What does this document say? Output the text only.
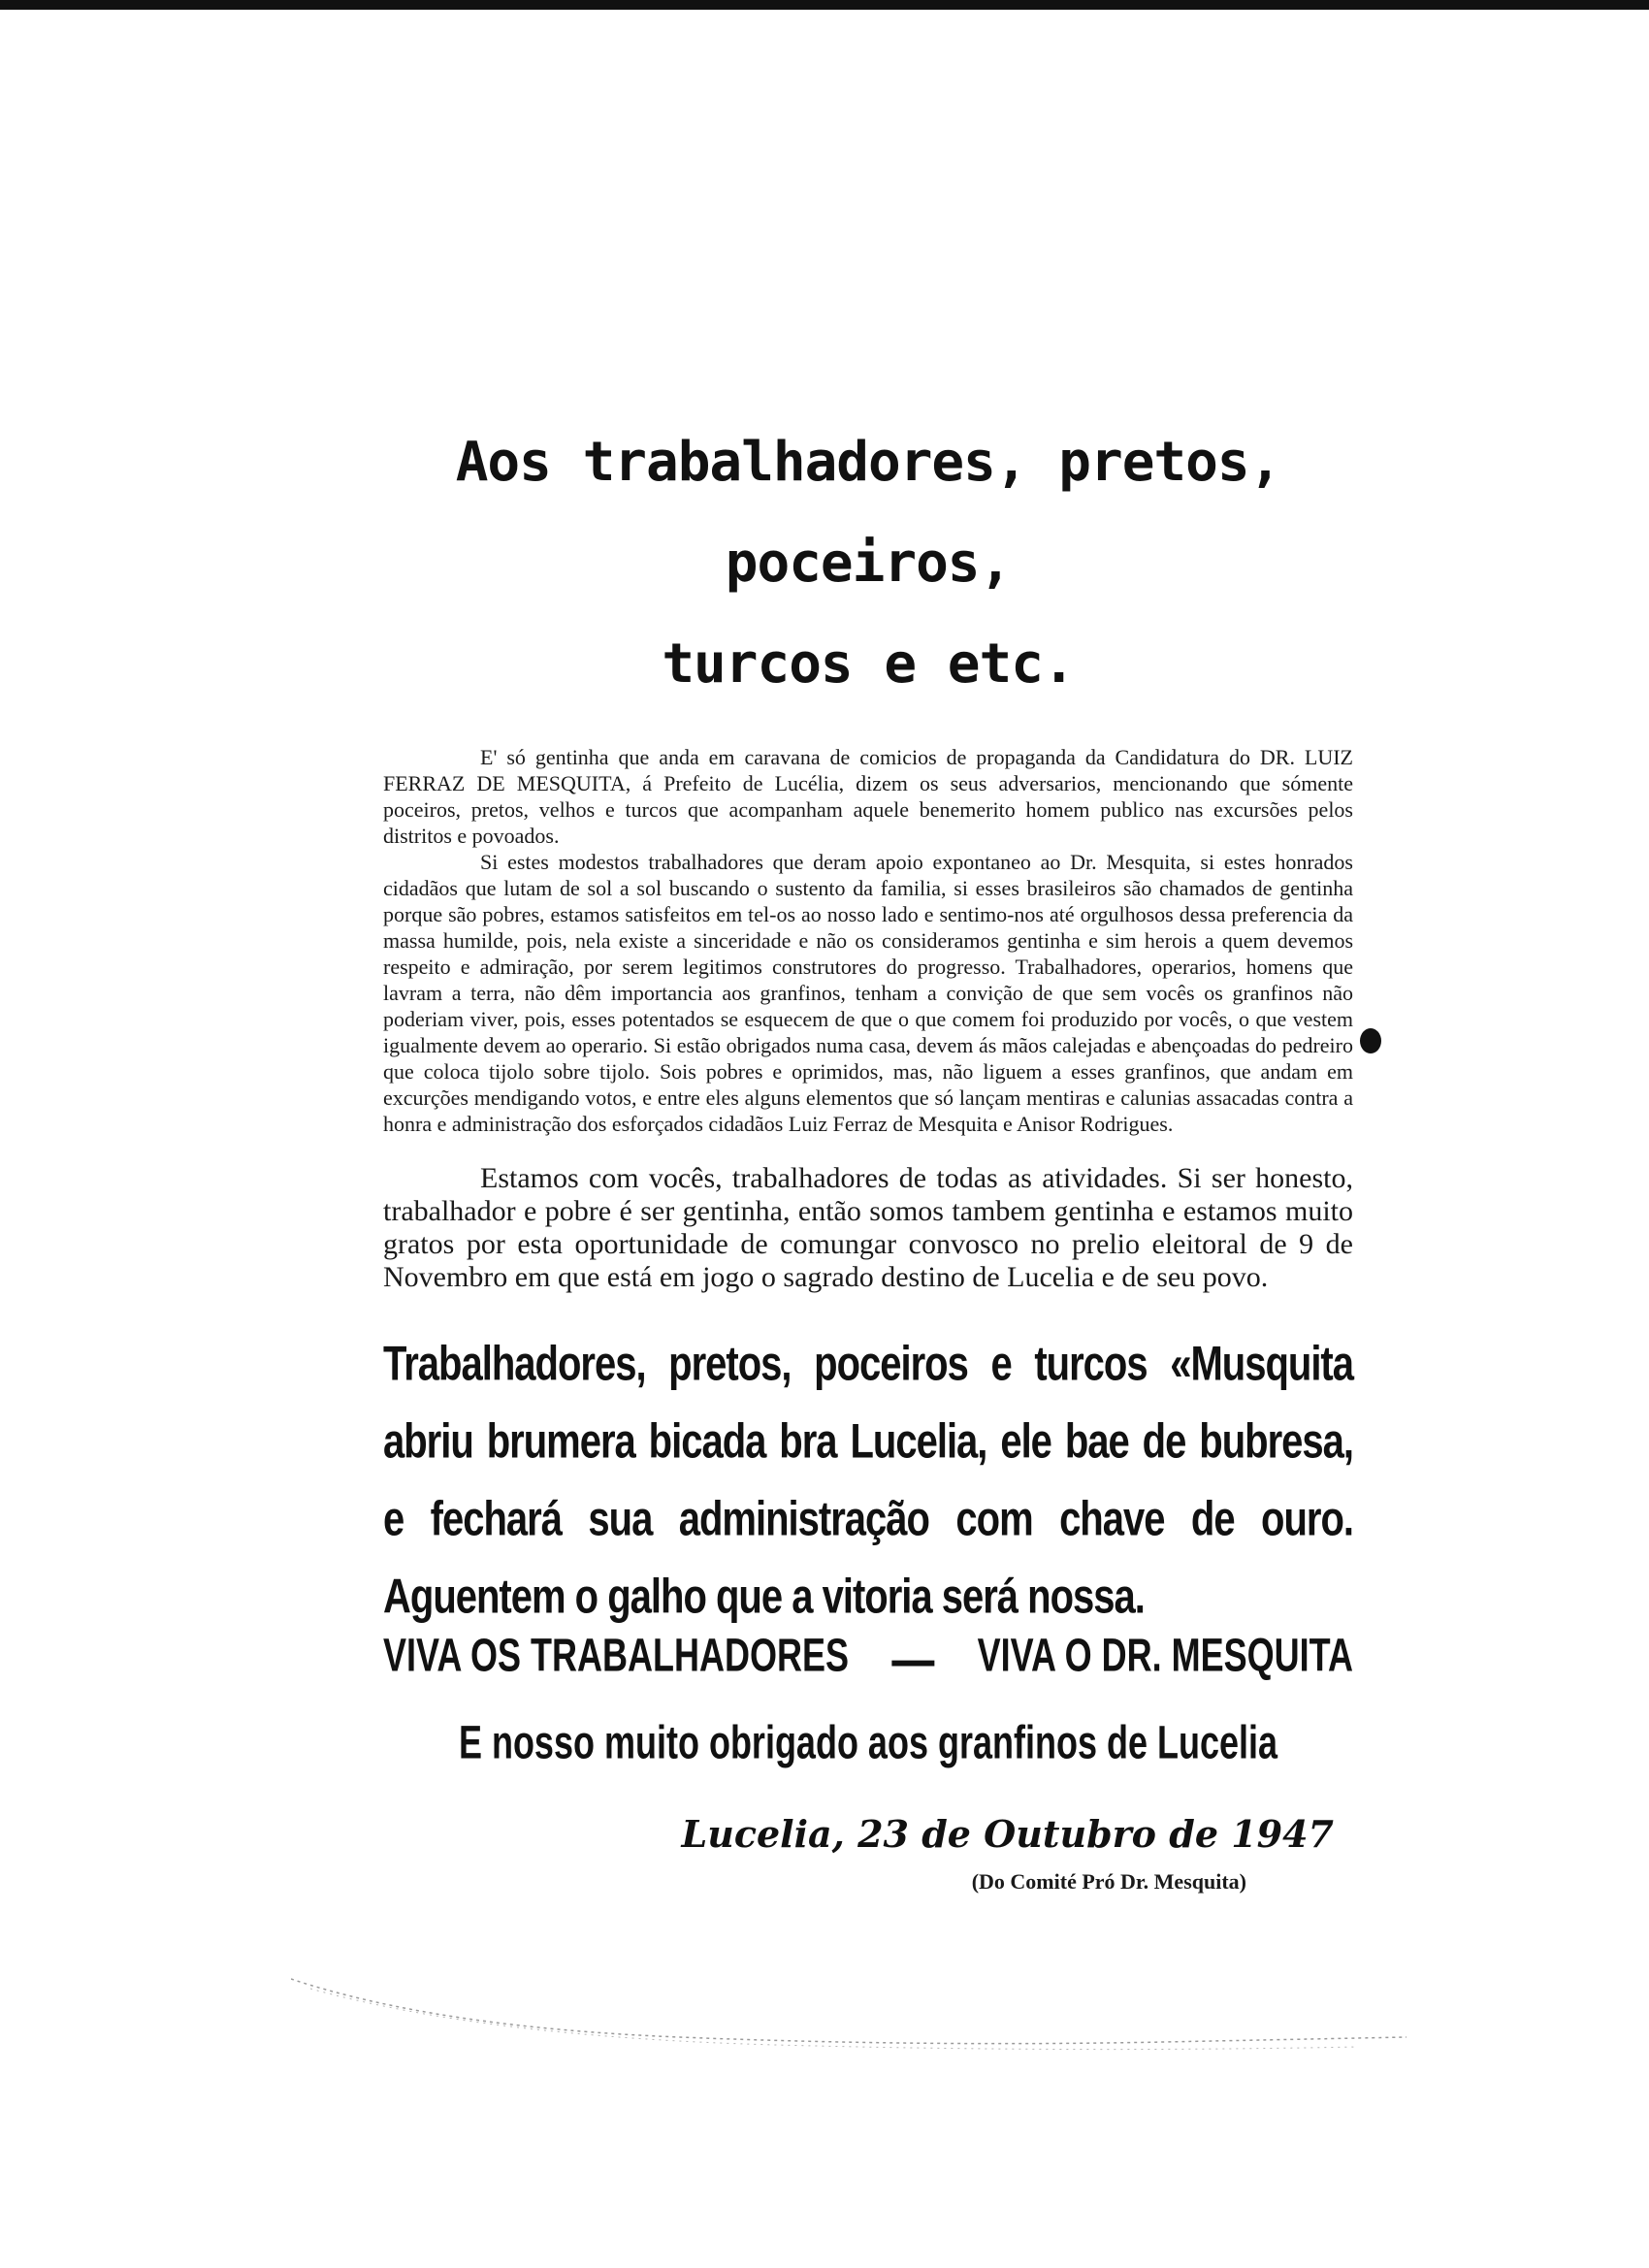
Aos trabalhadores, pretos, poceiros,
turcos e etc.

E' só gentinha que anda em caravana de comicios de propaganda da Candidatura do DR. LUIZ FERRAZ DE MESQUITA, á Prefeito de Lucélia, dizem os seus adversarios, mencionando que sómente poceiros, pretos, velhos e turcos que acompanham aquele benemerito homem publico nas excursões pelos distritos e povoados.

Si estes modestos trabalhadores que deram apoio expontaneo ao Dr. Mesquita, si estes honrados cidadãos que lutam de sol a sol buscando o sustento da familia, si esses brasileiros são chamados de gentinha porque são pobres, estamos satisfeitos em tel-os ao nosso lado e sentimo-nos até orgulhosos dessa preferencia da massa humilde, pois, nela existe a sinceridade e não os consideramos gentinha e sim herois a quem devemos respeito e admiração, por serem legitimos construtores do progresso. Trabalhadores, operarios, homens que lavram a terra, não dêm importancia aos granfinos, tenham a convição de que sem vocês os granfinos não poderiam viver, pois, esses potentados se esquecem de que o que comem foi produzido por vocês, o que vestem igualmente devem ao operario. Si estão obrigados numa casa, devem ás mãos calejadas e abençoadas do pedreiro que coloca tijolo sobre tijolo. Sois pobres e oprimidos, mas, não liguem a esses granfinos, que andam em excurções mendigando votos, e entre eles alguns elementos que só lançam mentiras e calunias assacadas contra a honra e administração dos esforçados cidadãos Luiz Ferraz de Mesquita e Anisor Rodrigues.

Estamos com vocês, trabalhadores de todas as atividades. Si ser honesto, trabalhador e pobre é ser gentinha, então somos tambem gentinha e estamos muito gratos por esta oportunidade de comungar convosco no prelio eleitoral de 9 de Novembro em que está em jogo o sagrado destino de Lucelia e de seu povo.

Trabalhadores, pretos, poceiros e turcos «Musquita abriu brumera bicada bra Lucelia, ele bae de bubresa, e fechará sua administração com chave de ouro. Aguentem o galho que a vitoria será nossa.
VIVA OS TRABALHADORES — VIVA O DR. MESQUITA
E nosso muito obrigado aos granfinos de Lucelia
Lucelia, 23 de Outubro de 1947
(Do Comité Pró Dr. Mesquita)
